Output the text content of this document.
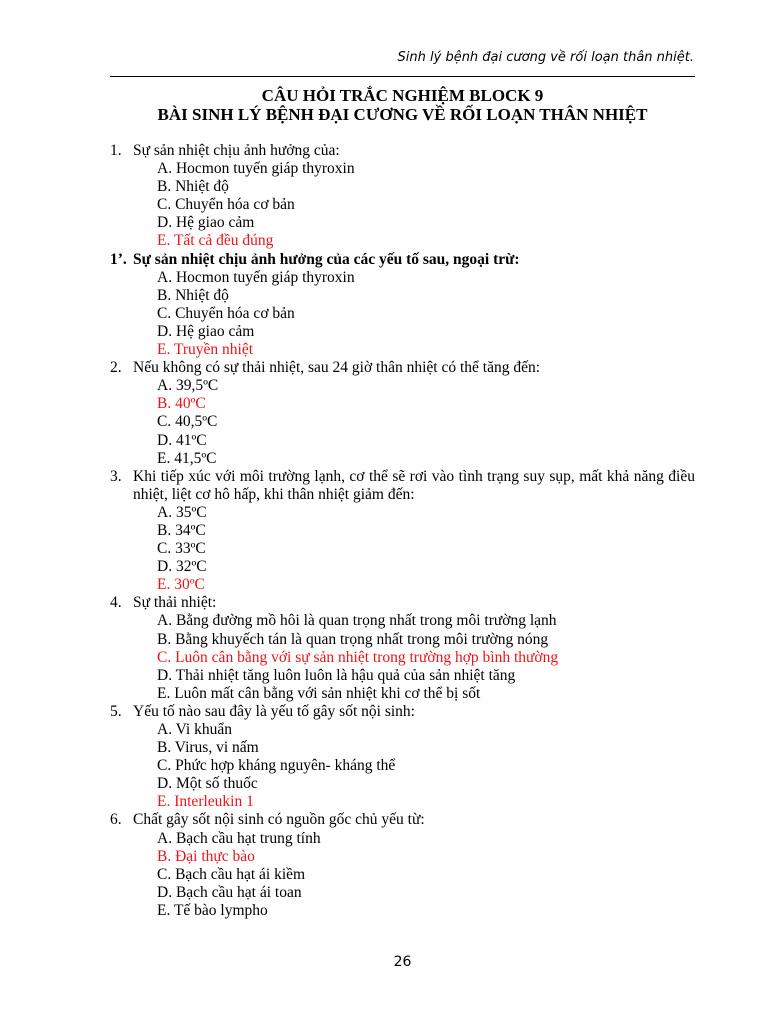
Sinh lý bệnh đại cương về rối loạn thân nhiệt.
CÂU HỎI TRẮC NGHIỆM BLOCK 9
BÀI SINH LÝ BỆNH ĐẠI CƯƠNG VỀ RỐI LOẠN THÂN NHIỆT
1. Sự sản nhiệt chịu ảnh hưởng của:
A. Hocmon tuyến giáp thyroxin
B. Nhiệt độ
C. Chuyển hóa cơ bản
D. Hệ giao cảm
E. Tất cả đều đúng
1’. Sự sản nhiệt chịu ảnh hưởng của các yếu tố sau, ngoại trừ:
A. Hocmon tuyến giáp thyroxin
B. Nhiệt độ
C. Chuyển hóa cơ bản
D. Hệ giao cảm
E. Truyền nhiệt
2. Nếu không có sự thải nhiệt, sau 24 giờ thân nhiệt có thể tăng đến:
A. 39,5ºC
B. 40ºC
C. 40,5ºC
D. 41ºC
E. 41,5ºC
3. Khi tiếp xúc với môi trường lạnh, cơ thể sẽ rơi vào tình trạng suy sụp, mất khả năng điều nhiệt, liệt cơ hô hấp, khi thân nhiệt giảm đến:
A. 35ºC
B. 34ºC
C. 33ºC
D. 32ºC
E. 30ºC
4. Sự thải nhiệt:
A. Bằng đường mồ hôi là quan trọng nhất trong môi trường lạnh
B. Bằng khuyếch tán là quan trọng nhất trong môi trường nóng
C. Luôn cân bằng với sự sản nhiệt trong trường hợp bình thường
D. Thải nhiệt tăng luôn luôn là hậu quả của sản nhiệt tăng
E. Luôn mất cân bằng với sản nhiệt khi cơ thể bị sốt
5. Yếu tố nào sau đây là yếu tố gây sốt nội sinh:
A. Vi khuẩn
B. Virus, vi nấm
C. Phức hợp kháng nguyên- kháng thể
D. Một số thuốc
E. Interleukin 1
6. Chất gây sốt nội sinh có nguồn gốc chủ yếu từ:
A. Bạch cầu hạt trung tính
B. Đại thực bào
C. Bạch cầu hạt ái kiềm
D. Bạch cầu hạt ái toan
E. Tế bào lympho
26
